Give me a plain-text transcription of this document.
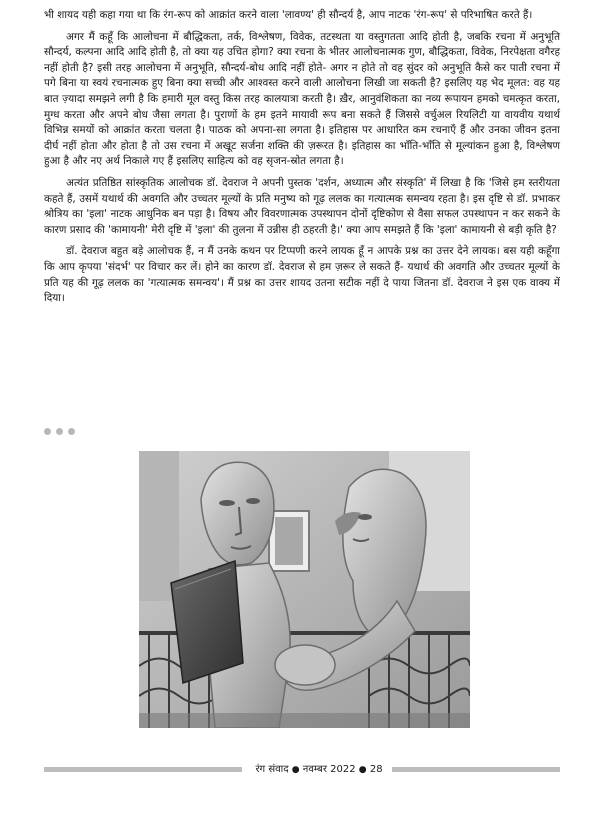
भी शायद यही कहा गया था कि रंग-रूप को आक्रांत करने वाला 'लावण्य' ही सौन्दर्य है, आप नाटक 'रंग-रूप' से परिभाषित करते हैं।

अगर मैं कहूँ कि आलोचना में बौद्धिकता, तर्क, विश्लेषण, विवेक, तटस्थता या वस्तुगतता आदि होती है, जबकि रचना में अनुभूति सौन्दर्य, कल्पना आदि आदि होती है, तो क्या यह उचित होगा? क्या रचना के भीतर आलोचनात्मक गुण, बौद्धिकता, विवेक, निरपेक्षता वगैरह नहीं होती है? इसी तरह आलोचना में अनुभूति, सौन्दर्य-बोध आदि नहीं होते- अगर न होते तो वह सुंदर को अनुभूति कैसे कर पाती रचना में पगे बिना या स्वयं रचनात्मक हुए बिना क्या सच्ची और आश्वस्त करने वाली आलोचना लिखी जा सकती है? इसलिए यह भेद मूलत: वह यह बात ज़्यादा समझने लगी है कि हमारी मूल वस्तु किस तरह कालयात्रा करती है। ख़ैर, आनुवंशिकता का नव्य रूपायन हमको चमत्कृत करता, मुग्ध करता और अपने बोध जैसा लगता है। पुराणों के हम इतने मायावी रूप बना सकते हैं जिससे वर्चुअल रियलिटी या वायवीय यथार्थ विभिन्न समयों को आक्रांत करता चलता है। पाठक को अपना-सा लगता है। इतिहास पर आधारित कम रचनाएँ हैं और उनका जीवन इतना दीर्घ नहीं होता और होता है तो उस रचना में अखूट सर्जना शक्ति की ज़रूरत है। इतिहास का भाँति-भाँति से मूल्यांकन हुआ है, विश्लेषण हुआ है और नए अर्थ निकाले गए हैं इसलिए साहित्य को वह सृजन-स्रोत लगता है।

अत्यंत प्रतिष्ठित सांस्कृतिक आलोचक डॉ. देवराज ने अपनी पुस्तक 'दर्शन, अध्यात्म और संस्कृति' में लिखा है कि 'जिसे हम स्तरीयता कहते हैं, उसमें यथार्थ की अवगति और उच्चतर मूल्यों के प्रति मनुष्य को गूढ़ ललक का गत्यात्मक समन्वय रहता है। इस दृष्टि से डॉ. प्रभाकर श्रोत्रिय का 'इला' नाटक आधुनिक बन पड़ा है। विषय और विवरणात्मक उपस्थापन दोनों दृष्टिकोण से वैसा सफल उपस्थापन न कर सकने के कारण प्रसाद की 'कामायनी' मेरी दृष्टि में 'इला' की तुलना में उन्नीस ही ठहरती है।' क्या आप समझते हैं कि 'इला' कामायनी से बड़ी कृति है?

डॉ. देवराज बहुत बड़े आलोचक हैं, न मैं उनके कथन पर टिप्पणी करने लायक हूँ न आपके प्रश्न का उत्तर देने लायक। बस यही कहूँगा कि आप कृपया 'संदर्भ' पर विचार कर लें। होने का कारण डॉ. देवराज से हम ज़रूर ले सकते हैं- यथार्थ की अवगति और उच्चतर मूल्यों के प्रति यह की गूढ़ ललक का 'गत्यात्मक समन्वय'। मैं प्रश्न का उत्तर शायद उतना सटीक नहीं दे पाया जितना डॉ. देवराज ने इस एक वाक्य में दिया।

रंग संवाद ● नवम्बर 2022 ● 28
